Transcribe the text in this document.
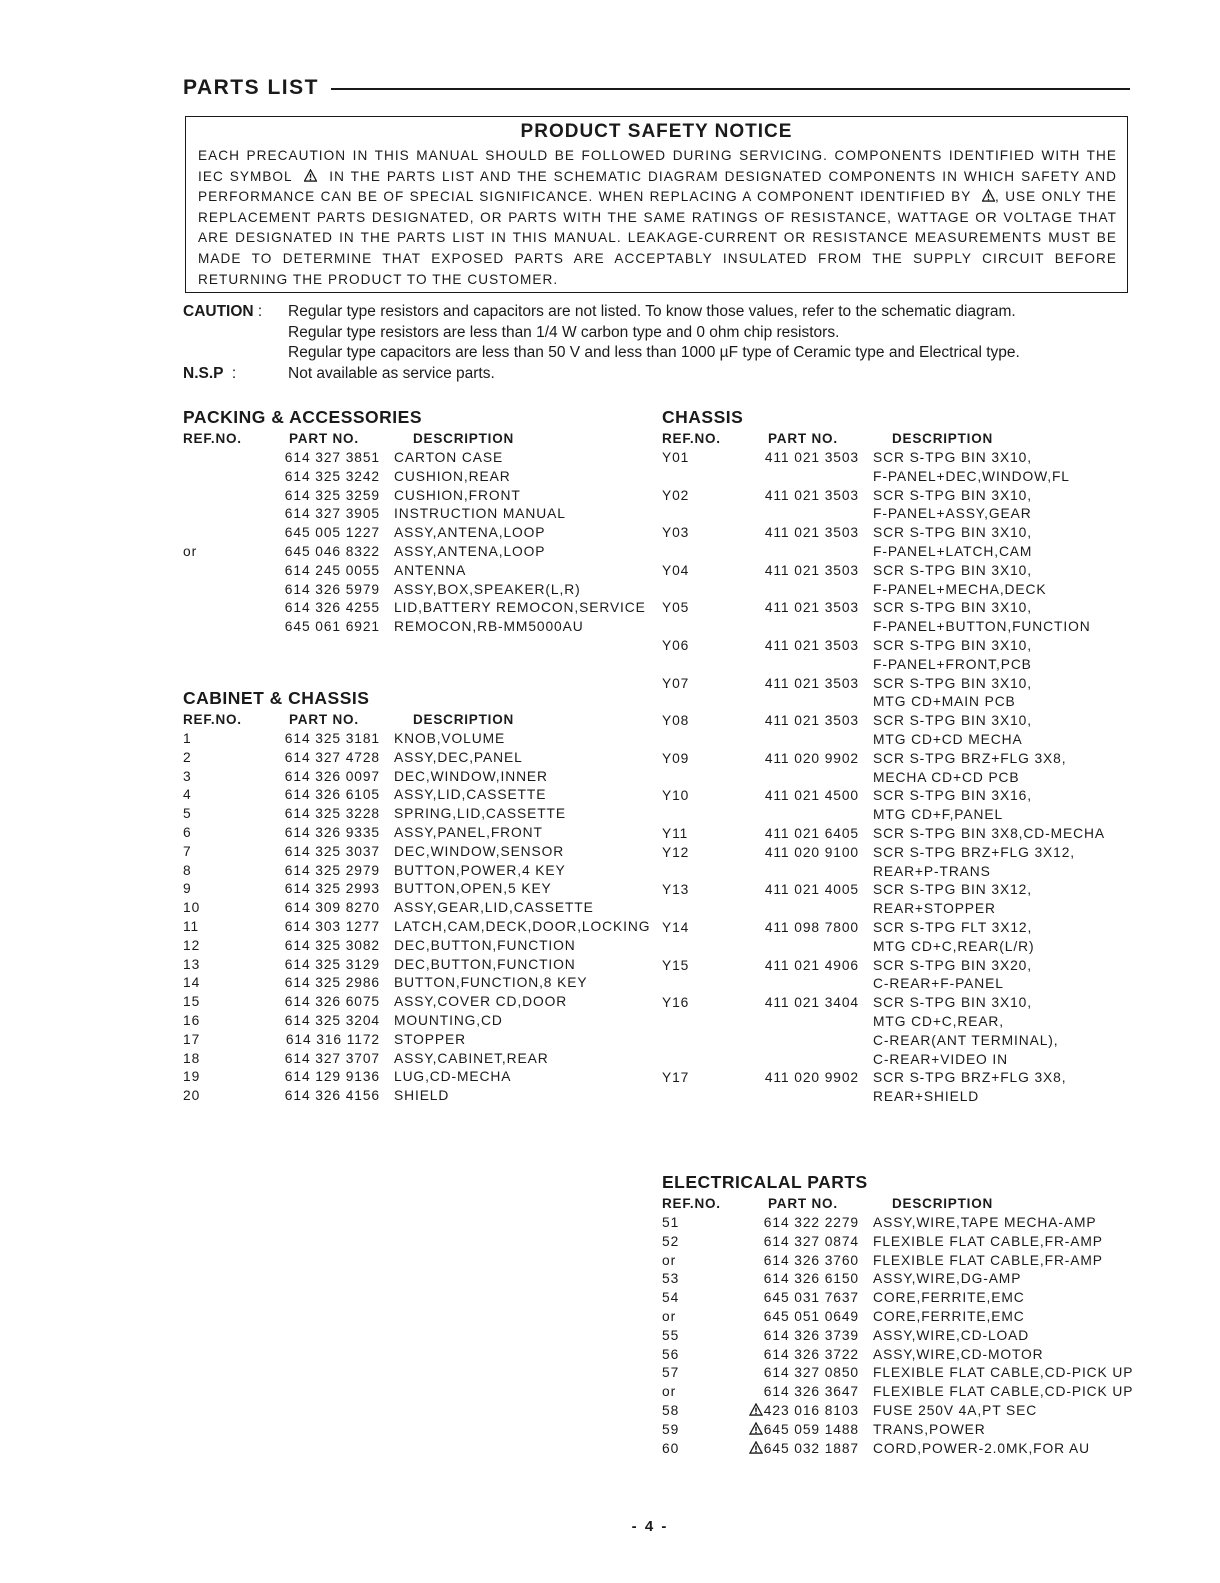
PARTS LIST
PRODUCT SAFETY NOTICE
EACH PRECAUTION IN THIS MANUAL SHOULD BE FOLLOWED DURING SERVICING. COMPONENTS IDENTIFIED WITH THE
IEC SYMBOL	IN THE PARTS LIST AND THE SCHEMATIC DIAGRAM DESIGNATED COMPONENTS IN WHICH SAFETY AND
PERFORMANCE CAN BE OF SPECIAL SIGNIFICANCE. WHEN REPLACING A COMPONENT IDENTIFIED BY , USE ONLY THE
REPLACEMENT PARTS DESIGNATED, OR PARTS WITH THE SAME RATINGS OF RESISTANCE, WATTAGE OR VOLTAGE THAT
ARE DESIGNATED IN THE PARTS LIST IN THIS MANUAL. LEAKAGE-CURRENT OR RESISTANCE MEASUREMENTS MUST BE
MADE TO DETERMINE THAT EXPOSED PARTS ARE ACCEPTABLY INSULATED FROM THE SUPPLY CIRCUIT BEFORE
RETURNING THE PRODUCT TO THE CUSTOMER.
CAUTION : Regular type resistors and capacitors are not listed. To know those values, refer to the schematic diagram.
Regular type resistors are less than 1/4 W carbon type and 0 ohm chip resistors.
Regular type capacitors are less than 50 V and less than 1000 µF type of Ceramic type and Electrical type.
N.S.P :	Not available as service parts.
PACKING & ACCESSORIES
REF.NO.	PART NO.	DESCRIPTION
614 327 3851 CARTON CASE
614 325 3242 CUSHION,REAR
614 325 3259 CUSHION,FRONT
614 327 3905 INSTRUCTION MANUAL
645 005 1227 ASSY,ANTENA,LOOP
or	645 046 8322 ASSY,ANTENA,LOOP
614 245 0055 ANTENNA
614 326 5979 ASSY,BOX,SPEAKER(L,R)
614 326 4255 LID,BATTERY REMOCON,SERVICE
645 061 6921 REMOCON,RB-MM5000AU
CABINET & CHASSIS
REF.NO.	PART NO.	DESCRIPTION
1	614 325 3181 KNOB,VOLUME
2	614 327 4728 ASSY,DEC,PANEL
3	614 326 0097 DEC,WINDOW,INNER
4	614 326 6105 ASSY,LID,CASSETTE
5	614 325 3228 SPRING,LID,CASSETTE
6	614 326 9335 ASSY,PANEL,FRONT
7	614 325 3037 DEC,WINDOW,SENSOR
8	614 325 2979 BUTTON,POWER,4 KEY
9	614 325 2993 BUTTON,OPEN,5 KEY
10	614 309 8270 ASSY,GEAR,LID,CASSETTE
11	614 303 1277 LATCH,CAM,DECK,DOOR,LOCKING
12	614 325 3082 DEC,BUTTON,FUNCTION
13	614 325 3129 DEC,BUTTON,FUNCTION
14	614 325 2986 BUTTON,FUNCTION,8 KEY
15	614 326 6075 ASSY,COVER CD,DOOR
16	614 325 3204 MOUNTING,CD
17	614 316 1172 STOPPER
18	614 327 3707 ASSY,CABINET,REAR
19	614 129 9136 LUG,CD-MECHA
20	614 326 4156 SHIELD
CHASSIS
REF.NO.	PART NO.	DESCRIPTION
Y01	411 021 3503 SCR S-TPG BIN 3X10,
F-PANEL+DEC,WINDOW,FL
Y02	411 021 3503 SCR S-TPG BIN 3X10,
F-PANEL+ASSY,GEAR
Y03	411 021 3503 SCR S-TPG BIN 3X10,
F-PANEL+LATCH,CAM
Y04	411 021 3503 SCR S-TPG BIN 3X10,
F-PANEL+MECHA,DECK
Y05	411 021 3503 SCR S-TPG BIN 3X10,
F-PANEL+BUTTON,FUNCTION
Y06	411 021 3503 SCR S-TPG BIN 3X10,
F-PANEL+FRONT,PCB
Y07	411 021 3503 SCR S-TPG BIN 3X10,
MTG CD+MAIN PCB
Y08	411 021 3503 SCR S-TPG BIN 3X10,
MTG CD+CD MECHA
Y09	411 020 9902 SCR S-TPG BRZ+FLG 3X8,
MECHA CD+CD PCB
Y10	411 021 4500 SCR S-TPG BIN 3X16,
MTG CD+F,PANEL
Y11	411 021 6405 SCR S-TPG BIN 3X8,CD-MECHA
Y12	411 020 9100 SCR S-TPG BRZ+FLG 3X12,
REAR+P-TRANS
Y13	411 021 4005 SCR S-TPG BIN 3X12,
REAR+STOPPER
Y14	411 098 7800 SCR S-TPG FLT 3X12,
MTG CD+C,REAR(L/R)
Y15	411 021 4906 SCR S-TPG BIN 3X20,
C-REAR+F-PANEL
Y16	411 021 3404 SCR S-TPG BIN 3X10,
MTG CD+C,REAR,
C-REAR(ANT TERMINAL),
C-REAR+VIDEO IN
Y17	411 020 9902 SCR S-TPG BRZ+FLG 3X8,
REAR+SHIELD
ELECTRICALAL PARTS
REF.NO.	PART NO.	DESCRIPTION
51	614 322 2279 ASSY,WIRE,TAPE MECHA-AMP
52	614 327 0874 FLEXIBLE FLAT CABLE,FR-AMP
or	614 326 3760 FLEXIBLE FLAT CABLE,FR-AMP
53	614 326 6150 ASSY,WIRE,DG-AMP
54	645 031 7637 CORE,FERRITE,EMC
or	645 051 0649 CORE,FERRITE,EMC
55	614 326 3739 ASSY,WIRE,CD-LOAD
56	614 326 3722 ASSY,WIRE,CD-MOTOR
57	614 327 0850 FLEXIBLE FLAT CABLE,CD-PICK UP
or	614 326 3647 FLEXIBLE FLAT CABLE,CD-PICK UP
58	423 016 8103 FUSE 250V 4A,PT SEC
59	645 059 1488 TRANS,POWER
60	645 032 1887 CORD,POWER-2.0MK,FOR AU
- 4 -
